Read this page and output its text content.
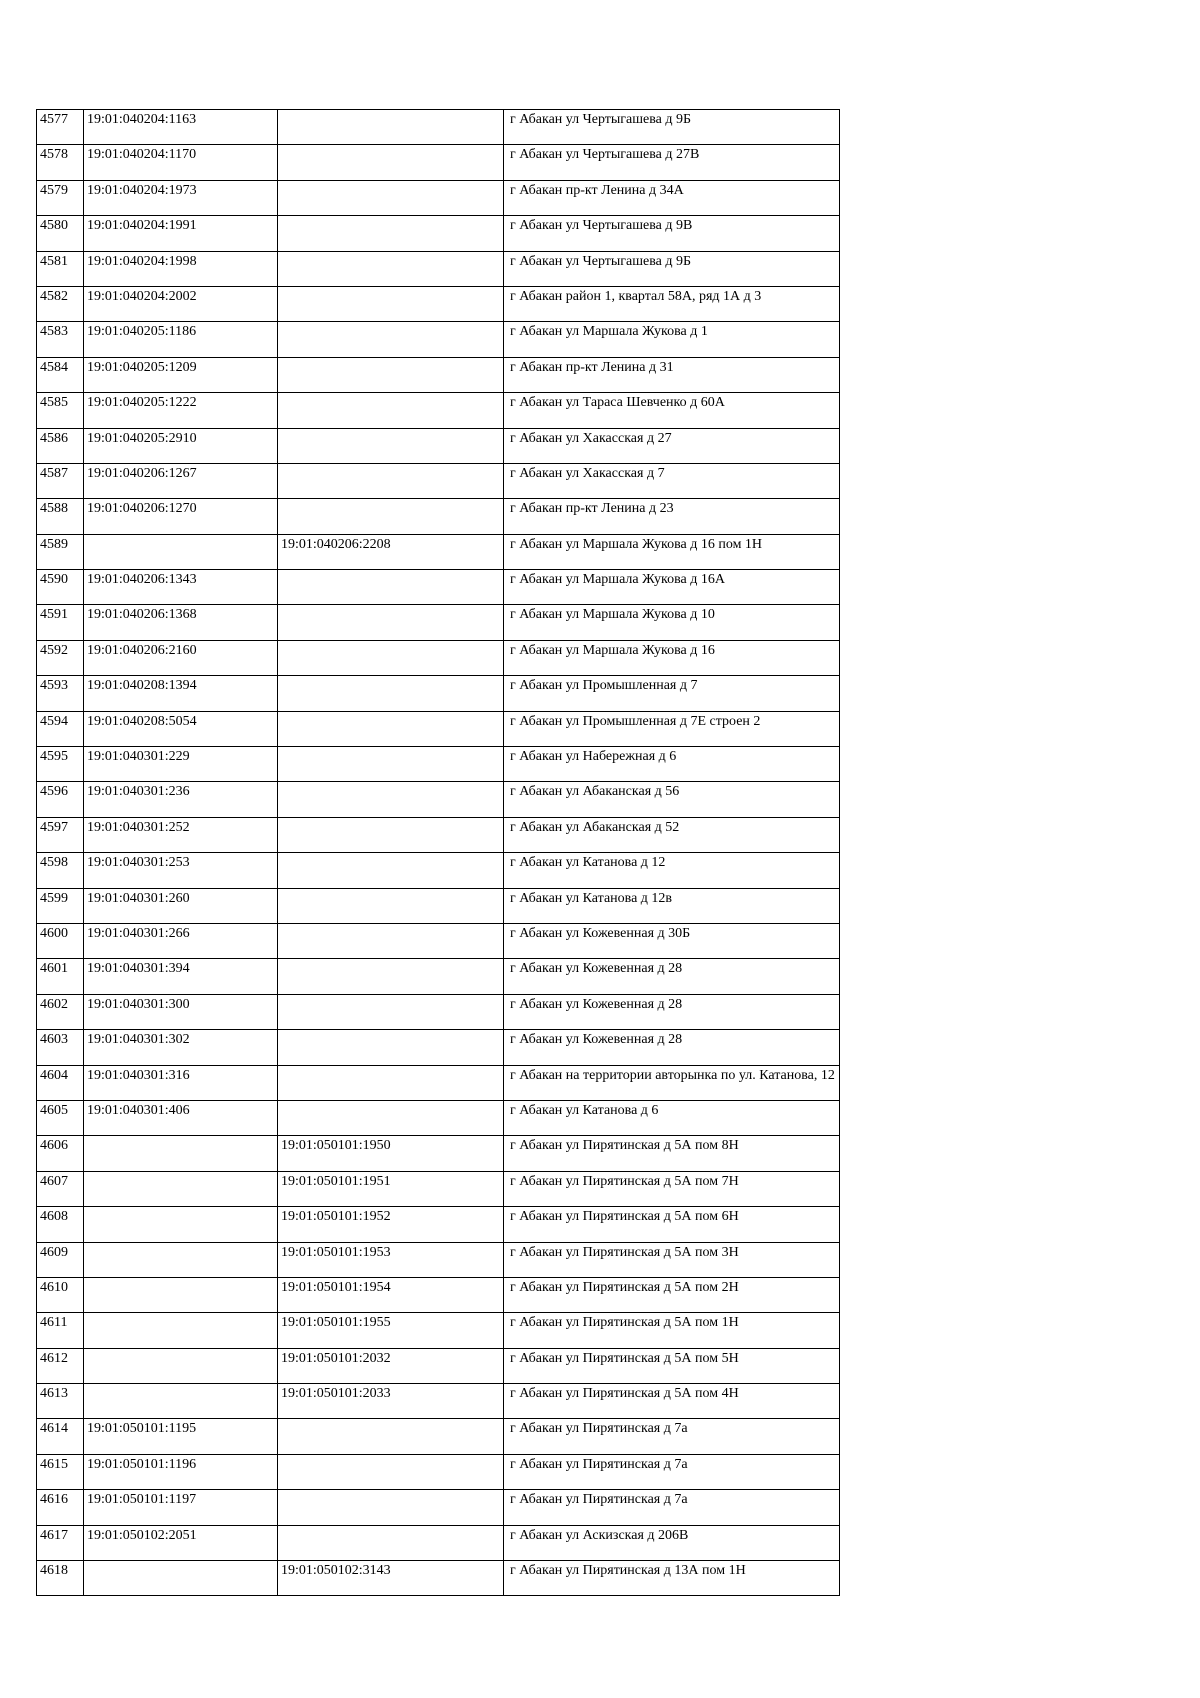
4577	19:01:040204:1163		г Абакан ул Чертыгашева д 9Б
4578	19:01:040204:1170		г Абакан ул Чертыгашева д 27В
4579	19:01:040204:1973		г Абакан пр-кт Ленина д 34А
4580	19:01:040204:1991		г Абакан ул Чертыгашева д 9В
4581	19:01:040204:1998		г Абакан ул Чертыгашева д 9Б
4582	19:01:040204:2002		г Абакан район 1, квартал 58А, ряд 1А д 3
4583	19:01:040205:1186		г Абакан ул Маршала Жукова д 1
4584	19:01:040205:1209		г Абакан пр-кт Ленина д 31
4585	19:01:040205:1222		г Абакан ул Тараса Шевченко д 60А
4586	19:01:040205:2910		г Абакан ул Хакасская д 27
4587	19:01:040206:1267		г Абакан ул Хакасская д 7
4588	19:01:040206:1270		г Абакан пр-кт Ленина д 23
4589		19:01:040206:2208	г Абакан ул Маршала Жукова д 16 пом 1Н
4590	19:01:040206:1343		г Абакан ул Маршала Жукова д 16А
4591	19:01:040206:1368		г Абакан ул Маршала Жукова д 10
4592	19:01:040206:2160		г Абакан ул Маршала Жукова д 16
4593	19:01:040208:1394		г Абакан ул Промышленная д 7
4594	19:01:040208:5054		г Абакан ул Промышленная д 7Е строен 2
4595	19:01:040301:229		г Абакан ул Набережная д 6
4596	19:01:040301:236		г Абакан ул Абаканская д 56
4597	19:01:040301:252		г Абакан ул Абаканская д 52
4598	19:01:040301:253		г Абакан ул Катанова д 12
4599	19:01:040301:260		г Абакан ул Катанова д 12в
4600	19:01:040301:266		г Абакан ул Кожевенная д 30Б
4601	19:01:040301:394		г Абакан ул Кожевенная д 28
4602	19:01:040301:300		г Абакан ул Кожевенная д 28
4603	19:01:040301:302		г Абакан ул Кожевенная д 28
4604	19:01:040301:316		г Абакан на территории авторынка по ул. Катанова, 12
4605	19:01:040301:406		г Абакан ул Катанова д 6
4606		19:01:050101:1950	г Абакан ул Пирятинская д 5А пом 8Н
4607		19:01:050101:1951	г Абакан ул Пирятинская д 5А пом 7Н
4608		19:01:050101:1952	г Абакан ул Пирятинская д 5А пом 6Н
4609		19:01:050101:1953	г Абакан ул Пирятинская д 5А пом 3Н
4610		19:01:050101:1954	г Абакан ул Пирятинская д 5А пом 2Н
4611		19:01:050101:1955	г Абакан ул Пирятинская д 5А пом 1Н
4612		19:01:050101:2032	г Абакан ул Пирятинская д 5А пом 5Н
4613		19:01:050101:2033	г Абакан ул Пирятинская д 5А пом 4Н
4614	19:01:050101:1195		г Абакан ул Пирятинская д 7а
4615	19:01:050101:1196		г Абакан ул Пирятинская д 7а
4616	19:01:050101:1197		г Абакан ул Пирятинская д 7а
4617	19:01:050102:2051		г Абакан ул Аскизская д 206В
4618		19:01:050102:3143	г Абакан ул Пирятинская д 13А пом 1Н
